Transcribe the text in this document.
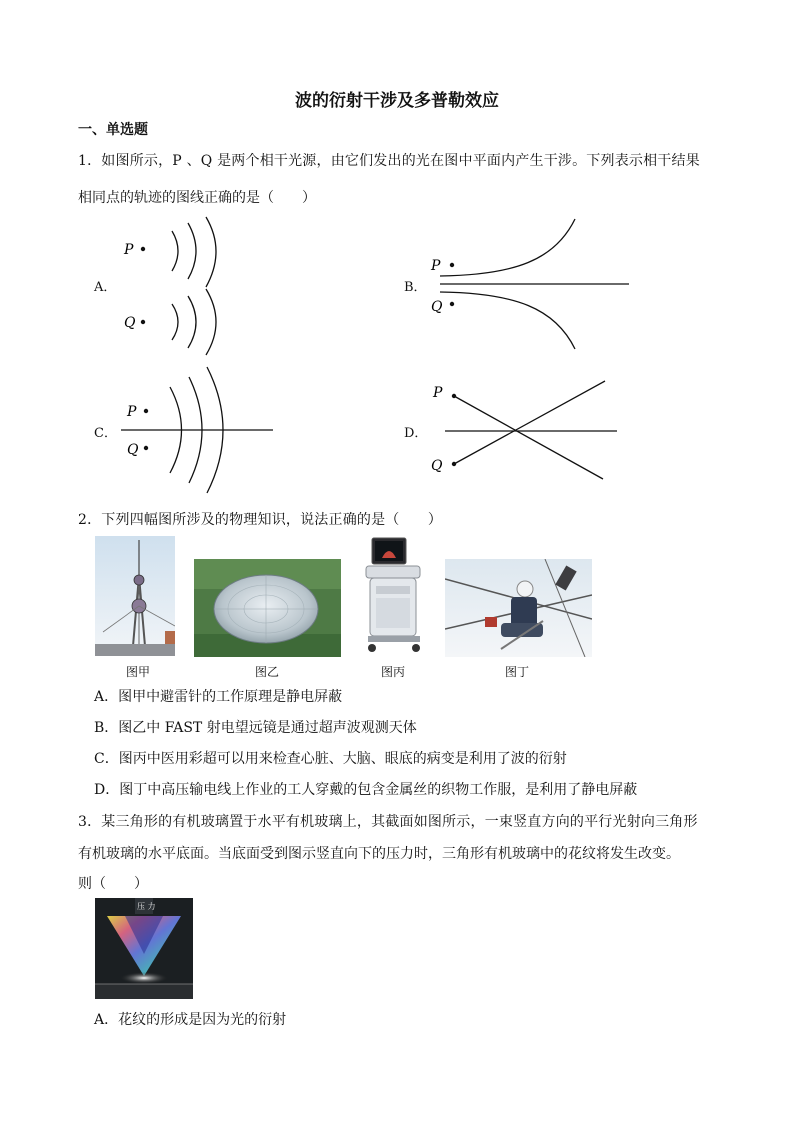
波的衍射干涉及多普勒效应
一、单选题
1．如图所示，P 、Q 是两个相干光源，由它们发出的光在图中平面内产生干涉。下列表示相干结果
相同点的轨迹的图线正确的是（　　）
A．	B．
C．	D．
P
Q
P
Q
P
Q
P
Q
2．下列四幅图所涉及的物理知识，说法正确的是（　　）
图甲	图乙	图丙	图丁
A．图甲中避雷针的工作原理是静电屏蔽
B．图乙中 FAST 射电望远镜是通过超声波观测天体
C．图丙中医用彩超可以用来检查心脏、大脑、眼底的病变是利用了波的衍射
D．图丁中高压输电线上作业的工人穿戴的包含金属丝的织物工作服，是利用了静电屏蔽
3．某三角形的有机玻璃置于水平有机玻璃上，其截面如图所示，一束竖直方向的平行光射向三角形
有机玻璃的水平底面。当底面受到图示竖直向下的压力时，三角形有机玻璃中的花纹将发生改变。
则（　　）
压 力
A．花纹的形成是因为光的衍射
